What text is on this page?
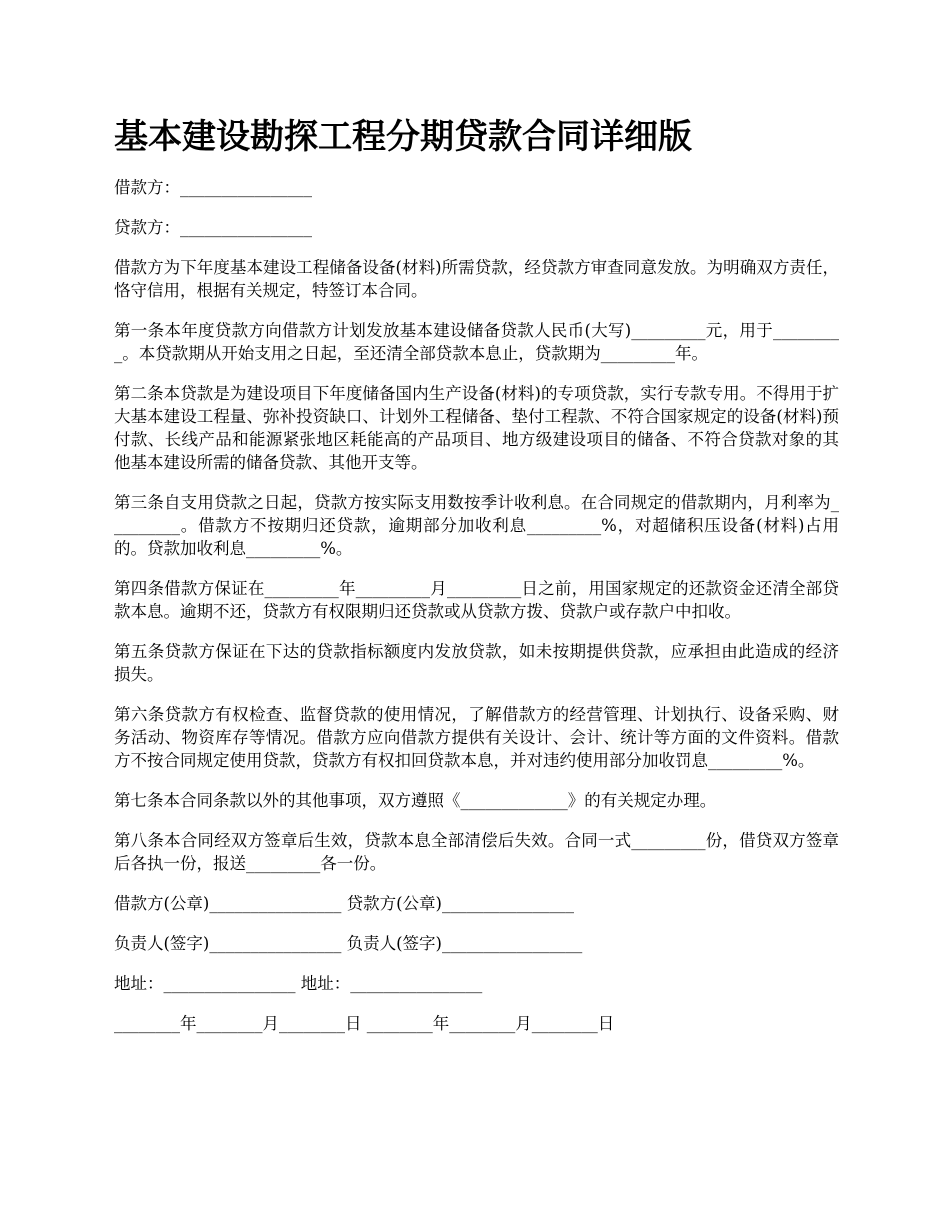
基本建设勘探工程分期贷款合同详细版

借款方：________________

贷款方：________________

借款方为下年度基本建设工程储备设备(材料)所需贷款，经贷款方审查同意发放。为明确双方责任，恪守信用，根据有关规定，特签订本合同。

第一条本年度贷款方向借款方计划发放基本建设储备贷款人民币(大写)_________元，用于_________。本贷款期从开始支用之日起，至还清全部贷款本息止，贷款期为_________年。

第二条本贷款是为建设项目下年度储备国内生产设备(材料)的专项贷款，实行专款专用。不得用于扩大基本建设工程量、弥补投资缺口、计划外工程储备、垫付工程款、不符合国家规定的设备(材料)预付款、长线产品和能源紧张地区耗能高的产品项目、地方级建设项目的储备、不符合贷款对象的其他基本建设所需的储备贷款、其他开支等。

第三条自支用贷款之日起，贷款方按实际支用数按季计收利息。在合同规定的借款期内，月利率为_________。借款方不按期归还贷款，逾期部分加收利息_________%，对超储积压设备(材料)占用的。贷款加收利息_________%。

第四条借款方保证在_________年_________月_________日之前，用国家规定的还款资金还清全部贷款本息。逾期不还，贷款方有权限期归还贷款或从贷款方拨、贷款户或存款户中扣收。

第五条贷款方保证在下达的贷款指标额度内发放贷款，如未按期提供贷款，应承担由此造成的经济损失。

第六条贷款方有权检查、监督贷款的使用情况，了解借款方的经营管理、计划执行、设备采购、财务活动、物资库存等情况。借款方应向借款方提供有关设计、会计、统计等方面的文件资料。借款方不按合同规定使用贷款，贷款方有权扣回贷款本息，并对违约使用部分加收罚息_________%。

第七条本合同条款以外的其他事项，双方遵照《_____________》的有关规定办理。

第八条本合同经双方签章后生效，贷款本息全部清偿后失效。合同一式_________份，借贷双方签章后各执一份，报送_________各一份。

借款方(公章)________________ 贷款方(公章)________________

负责人(签字)________________ 负责人(签字)_________________

地址：________________ 地址：________________

________年________月________日 ________年________月________日
